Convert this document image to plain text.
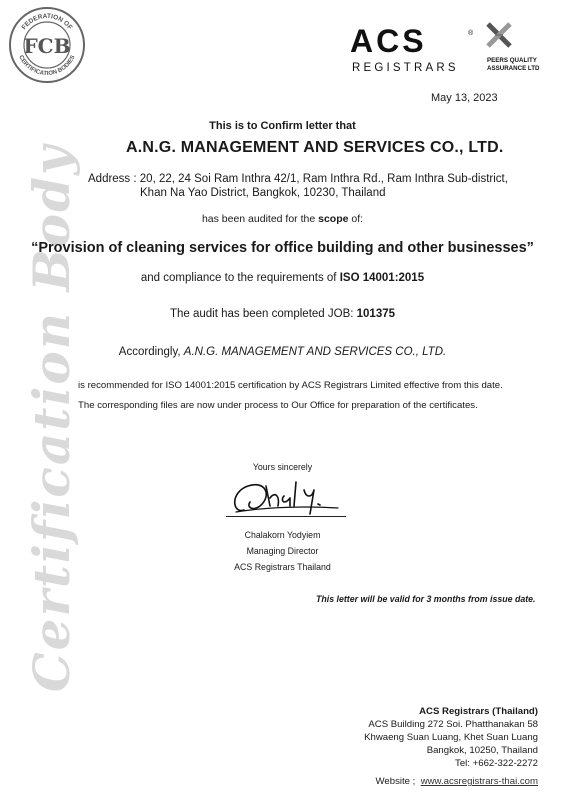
Certification Body
FEDERATION OF
CERTIFICATION BODIES
FCB	ACS	®
REGISTRARS
PEERS QUALITY
ASSURANCE LTD
May 13, 2023
This is to Confirm letter that
A.N.G. MANAGEMENT AND SERVICES CO., LTD.
Address : 20, 22, 24 Soi Ram Inthra 42/1, Ram Inthra Rd., Ram Inthra Sub-district,
Khan Na Yao District, Bangkok, 10230, Thailand
has been audited for the scope of:
“Provision of cleaning services for office building and other businesses”
and compliance to the requirements of ISO 14001:2015
The audit has been completed JOB: 101375
Accordingly, A.N.G. MANAGEMENT AND SERVICES CO., LTD.
is recommended for ISO 14001:2015 certification by ACS Registrars Limited effective from this date.
The corresponding files are now under process to Our Office for preparation of the certificates.
Yours sincerely
Chalakorn Yodyiem
Managing Director
ACS Registrars Thailand
This letter will be valid for 3 months from issue date.
ACS Registrars (Thailand)
ACS Building 272 Soi. Phatthanakan 58
Khwaeng Suan Luang, Khet Suan Luang
Bangkok, 10250, Thailand
Tel: +662-322-2272
Website ; www.acsregistrars-thai.com
